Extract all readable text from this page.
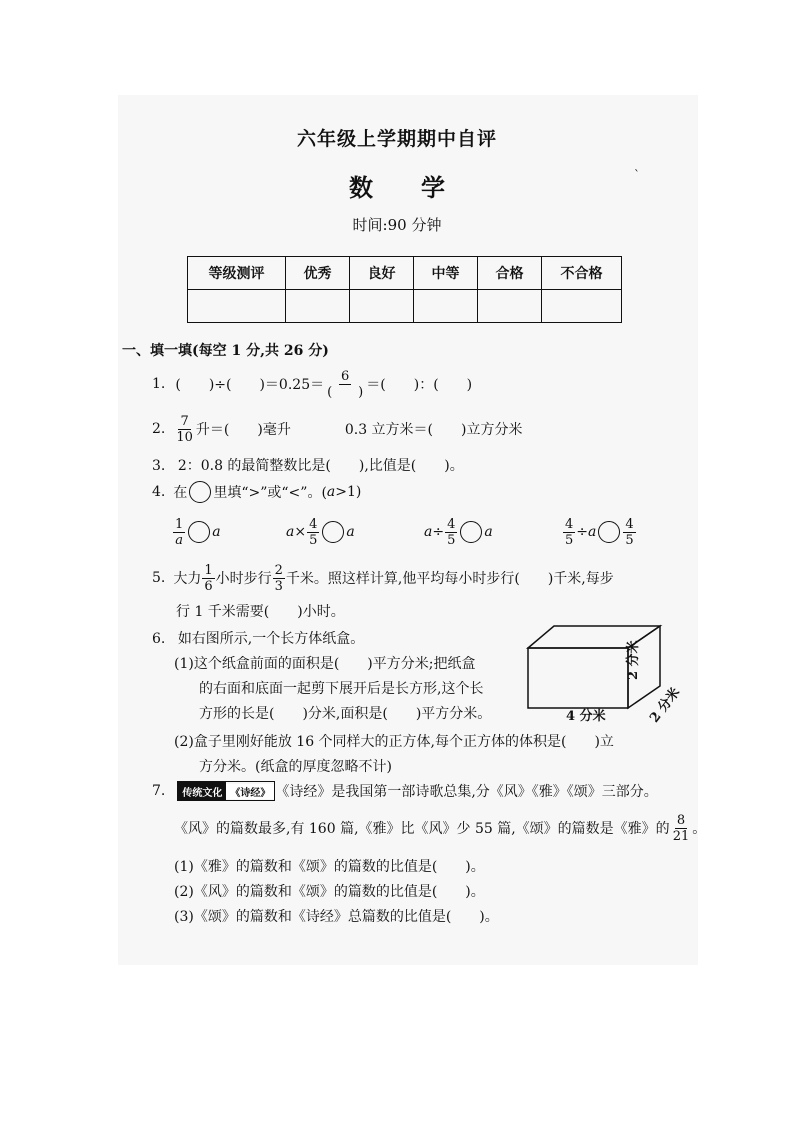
六年级上学期期中自评
数　　学	`
时间:90 分钟
等级测评	优秀	良好	中等	合格	不合格

一、填一填(每空 1 分,共 26 分)
1. (　　)÷(　　)$=0.25= \frac{6}{( )}$ ＝(　　)：(　　)
2. $\frac{7}{10}$ 升＝(　　)毫升	0.3 立方米＝(　　)立方分米
3. 2：0.8 的最简整数比是(　　),比值是(　　)。
4. 在 里填“>”或“<”。( a >1)
$\frac{1}{a}$ a	$a \times \frac{4}{5}$ a	$a \div \frac{4}{5}$ a	$\frac{4}{5} \div a \frac{4}{5}$
5. 大力 $\frac{1}{6}$ 小时步行 $\frac{2}{3}$ 千米。照这样计算,他平均每小时步行(　　)千米,每步
行 1 千米需要(　　)小时。
6. 如右图所示,一个长方体纸盒。
(1)这个纸盒前面的面积是(　　)平方分米;把纸盒
的右面和底面一起剪下展开后是长方形,这个长
方形的长是(　　)分米,面积是(　　)平方分米。
(2)盒子里刚好能放 16 个同样大的正方体,每个正方体的体积是(　　)立
方分米。(纸盒的厚度忽略不计)
4 分米
2 分米
2 分米
7.	传统文化 《诗经》 《诗经》是我国第一部诗歌总集,分《风》《雅》《颂》三部分。
《风》的篇数最多,有 160 篇,《雅》比《风》少 55 篇,《颂》的篇数是《雅》的 $\frac{8}{21}$ 。
(1)《雅》的篇数和《颂》的篇数的比值是(　　)。
(2)《风》的篇数和《颂》的篇数的比值是(　　)。
(3)《颂》的篇数和《诗经》总篇数的比值是(　　)。
